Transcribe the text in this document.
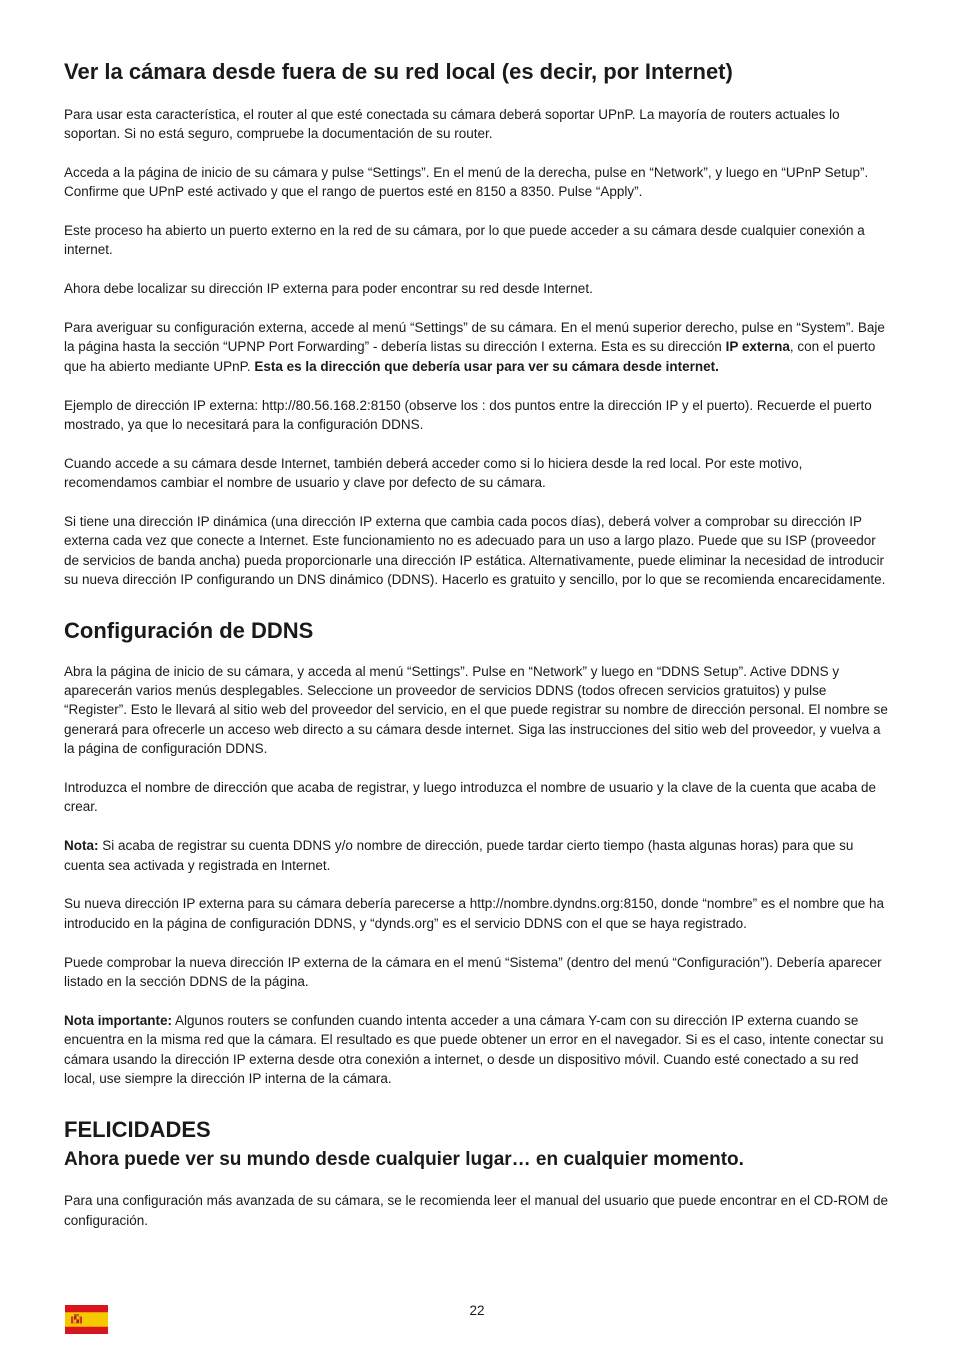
Ver la cámara desde fuera de su red local (es decir, por Internet)

Para usar esta característica, el router al que esté conectada su cámara deberá soportar UPnP. La mayoría de routers actuales lo soportan. Si no está seguro, compruebe la documentación de su router.

Acceda a la página de inicio de su cámara y pulse “Settings”. En el menú de la derecha, pulse en “Network”, y luego en “UPnP Setup”. Confirme que UPnP esté activado y que el rango de puertos esté en 8150 a 8350. Pulse “Apply”.

Este proceso ha abierto un puerto externo en la red de su cámara, por lo que puede acceder a su cámara desde cualquier conexión a internet.

Ahora debe localizar su dirección IP externa para poder encontrar su red desde Internet.

Para averiguar su configuración externa, accede al menú “Settings” de su cámara. En el menú superior derecho, pulse en “System”. Baje la página hasta la sección “UPNP Port Forwarding” - debería listas su dirección I externa. Esta es su dirección IP externa, con el puerto que ha abierto mediante UPnP. Esta es la dirección que debería usar para ver su cámara desde internet.

Ejemplo de dirección IP externa: http://80.56.168.2:8150 (observe los : dos puntos entre la dirección IP y el puerto). Recuerde el puerto mostrado, ya que lo necesitará para la configuración DDNS.

Cuando accede a su cámara desde Internet, también deberá acceder como si lo hiciera desde la red local. Por este motivo, recomendamos cambiar el nombre de usuario y clave por defecto de su cámara.

Si tiene una dirección IP dinámica (una dirección IP externa que cambia cada pocos días), deberá volver a comprobar su dirección IP externa cada vez que conecte a Internet. Este funcionamiento no es adecuado para un uso a largo plazo. Puede que su ISP (proveedor de servicios de banda ancha) pueda proporcionarle una dirección IP estática. Alternativamente, puede eliminar la necesidad de introducir su nueva dirección IP configurando un DNS dinámico (DDNS). Hacerlo es gratuito y sencillo, por lo que se recomienda encarecidamente.

Configuración de DDNS

Abra la página de inicio de su cámara, y acceda al menú “Settings”. Pulse en “Network” y luego en “DDNS Setup”. Active DDNS y aparecerán varios menús desplegables. Seleccione un proveedor de servicios DDNS (todos ofrecen servicios gratuitos) y pulse “Register”. Esto le llevará al sitio web del proveedor del servicio, en el que puede registrar su nombre de dirección personal. El nombre se generará para ofrecerle un acceso web directo a su cámara desde internet. Siga las instrucciones del sitio web del proveedor, y vuelva a la página de configuración DDNS.

Introduzca el nombre de dirección que acaba de registrar, y luego introduzca el nombre de usuario y la clave de la cuenta que acaba de crear.

Nota: Si acaba de registrar su cuenta DDNS y/o nombre de dirección, puede tardar cierto tiempo (hasta algunas horas) para que su cuenta sea activada y registrada en Internet.

Su nueva dirección IP externa para su cámara debería parecerse a http://nombre.dyndns.org:8150, donde “nombre” es el nombre que ha introducido en la página de configuración DDNS, y “dynds.org” es el servicio DDNS con el que se haya registrado.

Puede comprobar la nueva dirección IP externa de la cámara en el menú “Sistema” (dentro del menú “Configuración”). Debería aparecer listado en la sección DDNS de la página.

Nota importante: Algunos routers se confunden cuando intenta acceder a una cámara Y-cam con su dirección IP externa cuando se encuentra en la misma red que la cámara. El resultado es que puede obtener un error en el navegador. Si es el caso, intente conectar su cámara usando la dirección IP externa desde otra conexión a internet, o desde un dispositivo móvil. Cuando esté conectado a su red local, use siempre la dirección IP interna de la cámara.

FELICIDADES
Ahora puede ver su mundo desde cualquier lugar… en cualquier momento.

Para una configuración más avanzada de su cámara, se le recomienda leer el manual del usuario que puede encontrar en el CD-ROM de configuración.

22
